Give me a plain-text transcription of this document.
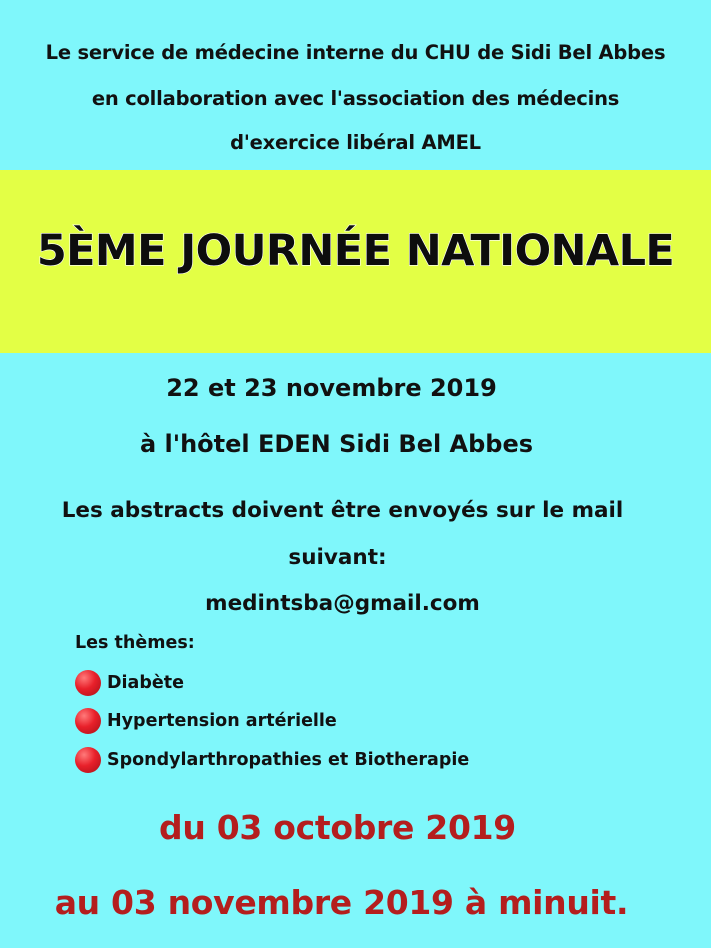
Le service de médecine interne du CHU de Sidi Bel Abbes
en collaboration avec l'association des médecins
d'exercice libéral AMEL
5ÈME JOURNÉE NATIONALE
22 et 23 novembre 2019
à l'hôtel EDEN Sidi Bel Abbes
Les abstracts doivent être envoyés sur le mail
suivant:
medintsba@gmail.com
Les thèmes:
Diabète
Hypertension artérielle
Spondylarthropathies et Biotherapie
du 03 octobre 2019
au 03 novembre 2019 à minuit.
